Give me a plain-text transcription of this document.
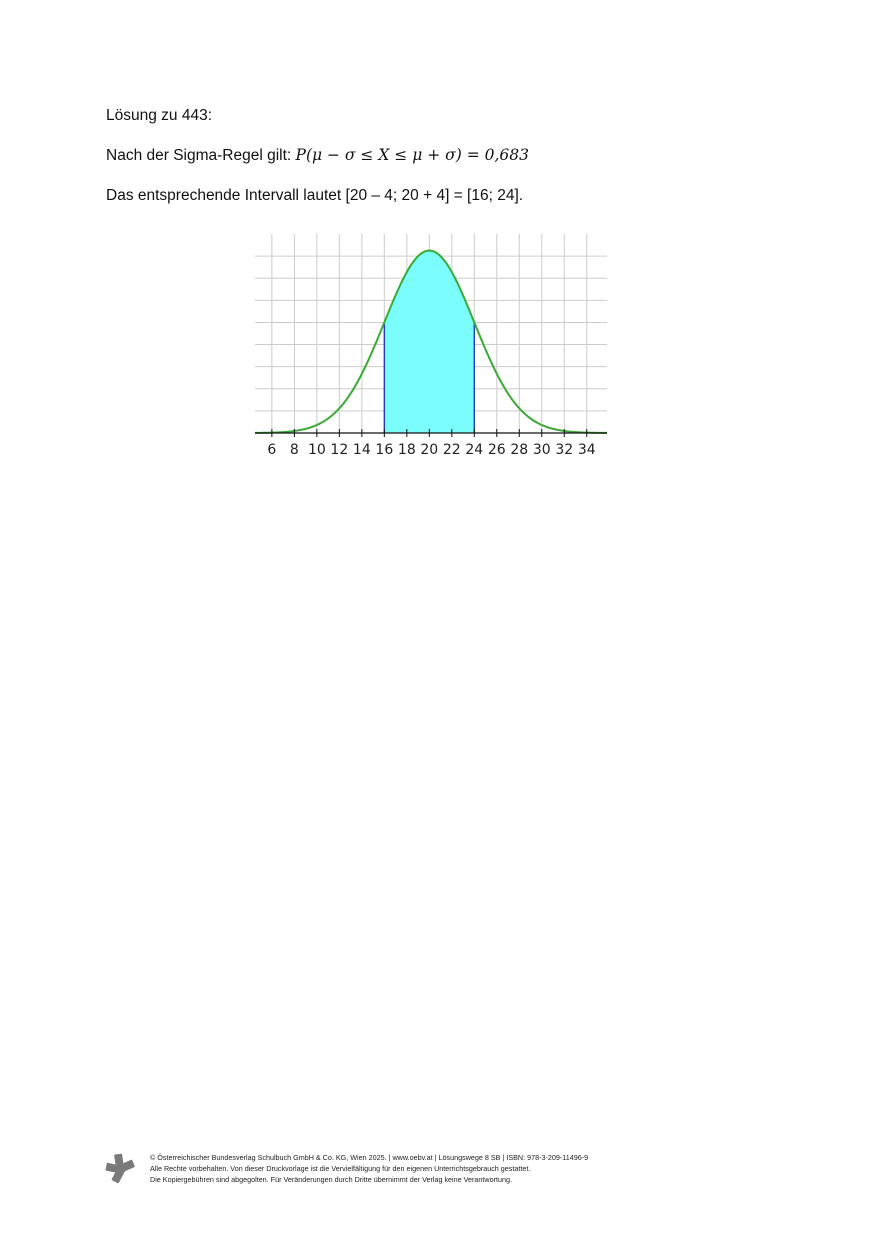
Lösung zu 443:
Nach der Sigma-Regel gilt: P(μ − σ ≤ X ≤ μ + σ) = 0,683
Das entsprechende Intervall lautet [20 – 4; 20 + 4] = [16; 24].
6 8 10 12 14 16 18 20 22 24 26 28 30 32 34
© Österreichischer Bundesverlag Schulbuch GmbH & Co. KG, Wien 2025. | www.oebv.at | Lösungswege 8 SB | ISBN: 978-3-209-11496-9
Alle Rechte vorbehalten. Von dieser Druckvorlage ist die Vervielfältigung für den eigenen Unterrichtsgebrauch gestattet.
Die Kopiergebühren sind abgegolten. Für Veränderungen durch Dritte übernimmt der Verlag keine Verantwortung.
